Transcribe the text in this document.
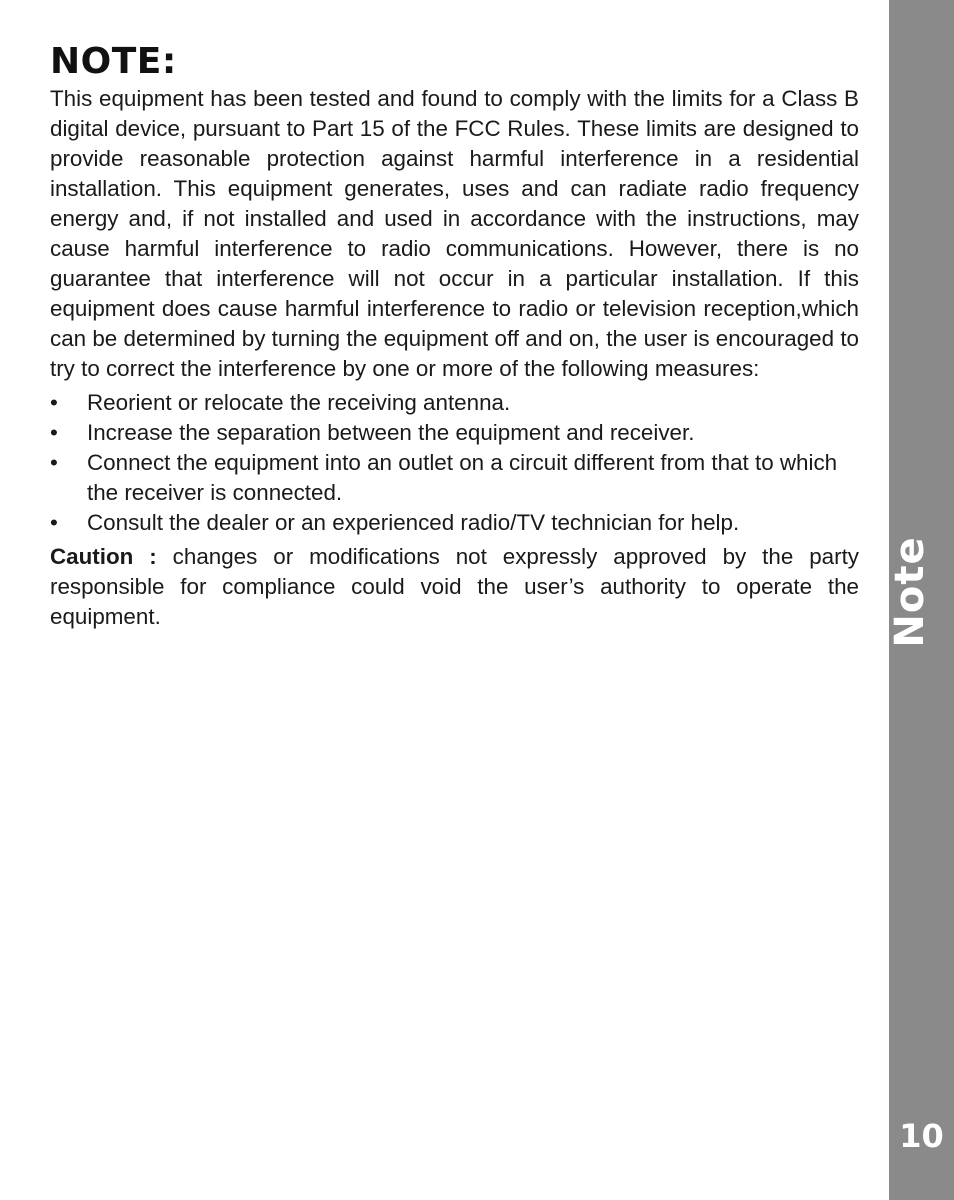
NOTE:

This equipment has been tested and found to comply with the limits for a Class B digital device, pursuant to Part 15 of the FCC Rules. These limits are designed to provide reasonable protection against harmful interference in a residential installation. This equipment generates, uses and can radiate radio frequency energy and, if not installed and used in accordance with the instructions, may cause harmful interference to radio communications. However, there is no guarantee that interference will not occur in a particular installation. If this equipment does cause harmful interference to radio or television reception,which can be determined by turning the equipment off and on, the user is encouraged to try to correct the interference by one or more of the following measures:

• Reorient or relocate the receiving antenna.
• Increase the separation between the equipment and receiver.
• Connect the equipment into an outlet on a circuit different from that to which the receiver is connected.
• Consult the dealer or an experienced radio/TV technician for help.

Caution : changes or modifications not expressly approved by the party responsible for compliance could void the user’s authority to operate the equipment.	Note
10
